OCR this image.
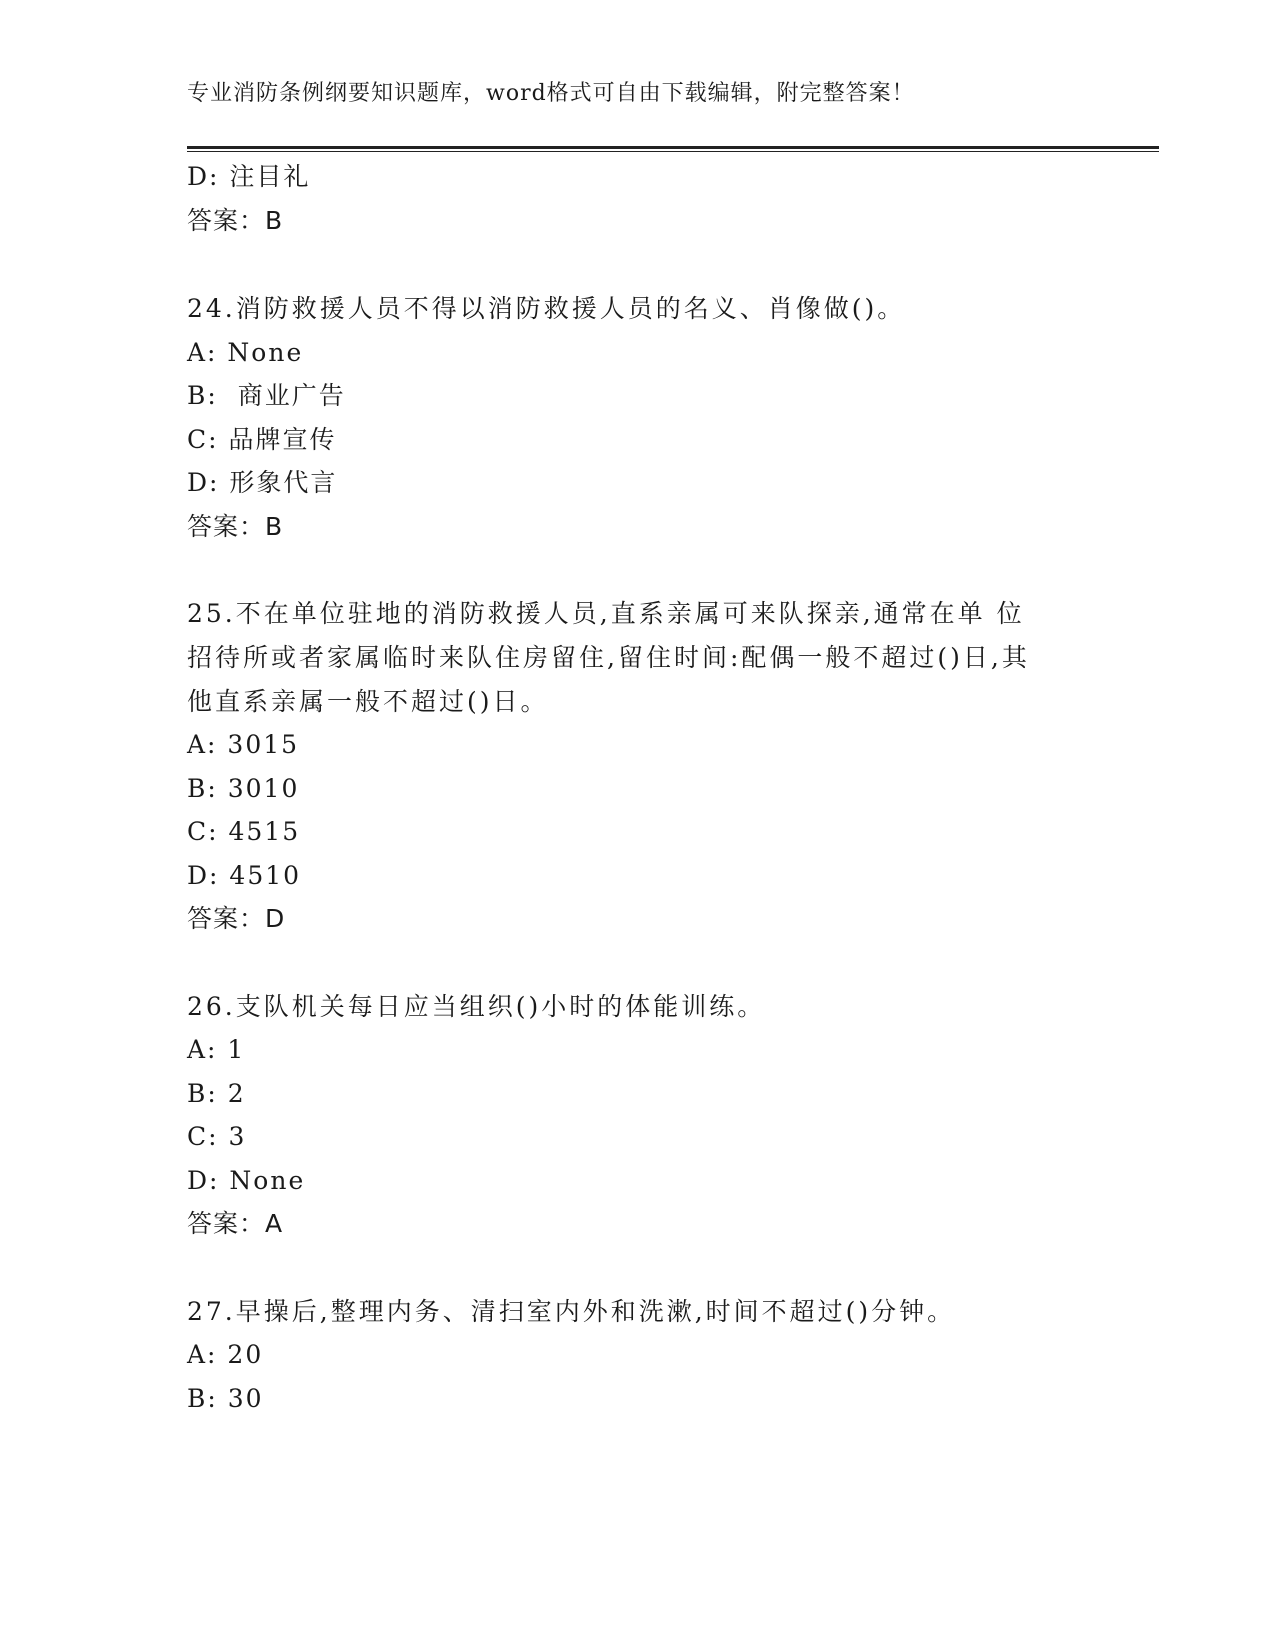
专业消防条例纲要知识题库，word格式可自由下载编辑，附完整答案！
D: 注目礼
答案：B
24.消防救援人员不得以消防救援人员的名义、肖像做()。
A: None
B:  商业广告
C: 品牌宣传
D: 形象代言
答案：B
25.不在单位驻地的消防救援人员,直系亲属可来队探亲,通常在单 位
招待所或者家属临时来队住房留住,留住时间:配偶一般不超过()日,其
他直系亲属一般不超过()日。
A: 3015
B: 3010
C: 4515
D: 4510
答案：D
26.支队机关每日应当组织()小时的体能训练。
A: 1
B: 2
C: 3
D: None
答案：A
27.早操后,整理内务、清扫室内外和洗漱,时间不超过()分钟。
A: 20
B: 30
